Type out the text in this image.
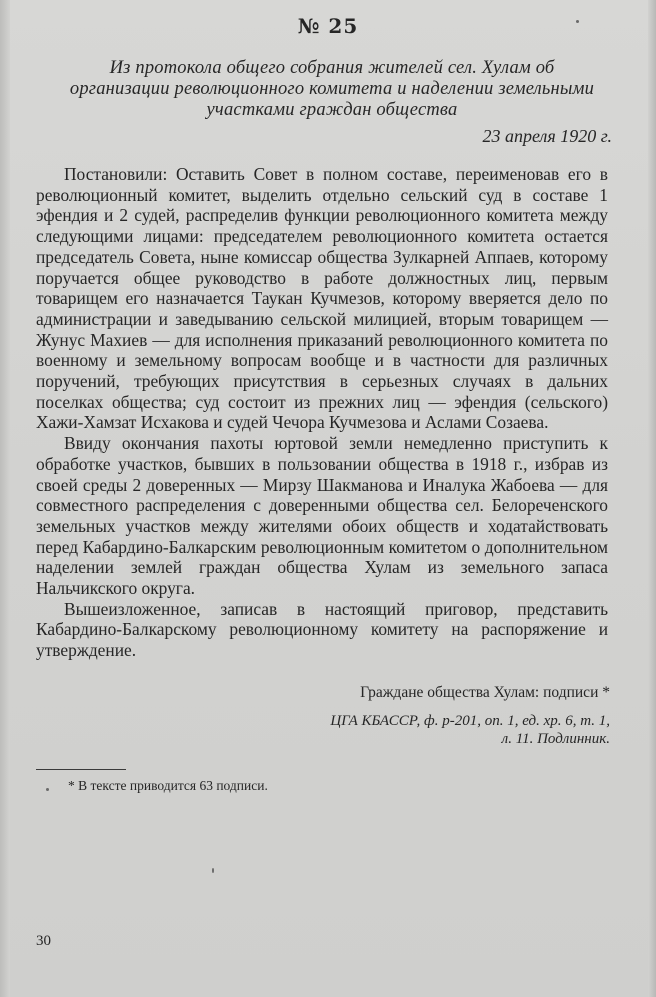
№ 25
Из протокола общего собрания жителей сел. Хулам об организации революционного комитета и наделении земельными участками граждан общества
23 апреля 1920 г.

Постановили: Оставить Совет в полном составе, переименовав его в революционный комитет, выделить отдельно сельский суд в составе 1 эфендия и 2 судей, распределив функции революционного комитета между следующими лицами: председателем революционного комитета остается председатель Совета, ныне комиссар общества Зулкарней Аппаев, которому поручается общее руководство в работе должностных лиц, первым товарищем его назначается Таукан Кучмезов, которому вверяется дело по администрации и заведыванию сельской милицией, вторым товарищем — Жунус Махиев — для исполнения приказаний революционного комитета по военному и земельному вопросам вообще и в частности для различных поручений, требующих присутствия в серьезных случаях в дальних поселках общества; суд состоит из прежних лиц — эфендия (сельского) Хажи-Хамзат Исхакова и судей Чечора Кучмезова и Аслами Созаева.

Ввиду окончания пахоты юртовой земли немедленно приступить к обработке участков, бывших в пользовании общества в 1918 г., избрав из своей среды 2 доверенных — Мирзу Шакманова и Иналука Жабоева — для совместного распределения с доверенными общества сел. Белореченского земельных участков между жителями обоих обществ и ходатайствовать перед Кабардино-Балкарским революционным комитетом о дополнительном наделении землей граждан общества Хулам из земельного запаса Нальчикского округа.

Вышеизложенное, записав в настоящий приговор, представить Кабардино-Балкарскому революционному комитету на распоряжение и утверждение.

Граждане общества Хулам: подписи *
ЦГА КБАССР, ф. р-201, оп. 1, ед. хр. 6, т. 1,
л. 11. Подлинник.
* В тексте приводится 63 подписи.
30
